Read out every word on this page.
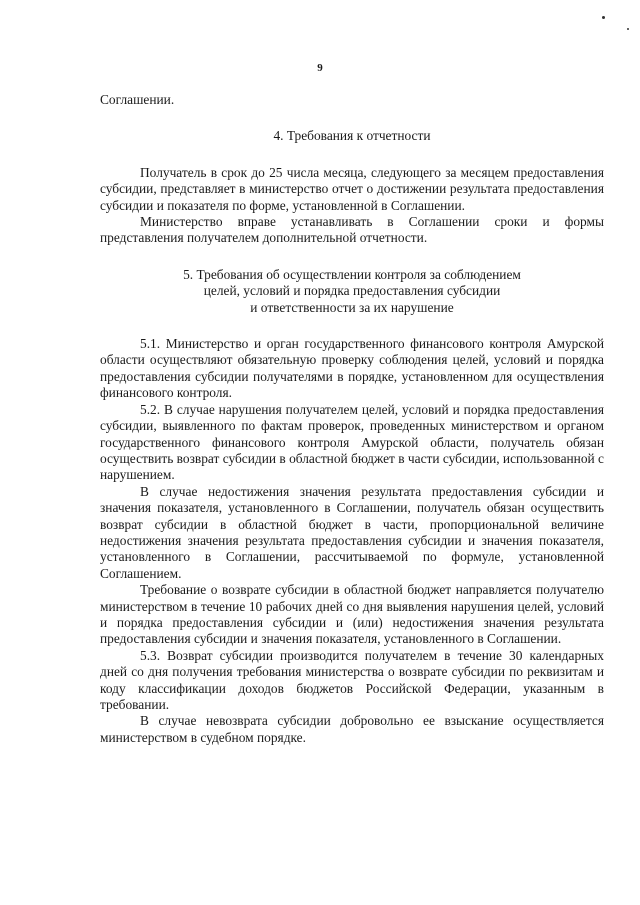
9

Соглашении.

4. Требования к отчетности

Получатель в срок до 25 числа месяца, следующего за месяцем предоставления субсидии, представляет в министерство отчет о достижении результата предоставления субсидии и показателя по форме, установленной в Соглашении.

Министерство вправе устанавливать в Соглашении сроки и формы представления получателем дополнительной отчетности.

5. Требования об осуществлении контроля за соблюдением

целей, условий и порядка предоставления субсидии

и ответственности за их нарушение

5.1. Министерство и орган государственного финансового контроля Амурской области осуществляют обязательную проверку соблюдения целей, условий и порядка предоставления субсидии получателями в порядке, установленном для осуществления финансового контроля.

5.2. В случае нарушения получателем целей, условий и порядка предоставления субсидии, выявленного по фактам проверок, проведенных министерством и органом государственного финансового контроля Амурской области, получатель обязан осуществить возврат субсидии в областной бюджет в части субсидии, использованной с нарушением.

В случае недостижения значения результата предоставления субсидии и значения показателя, установленного в Соглашении, получатель обязан осуществить возврат субсидии в областной бюджет в части, пропорциональной величине недостижения значения результата предоставления субсидии и значения показателя, установленного в Соглашении, рассчитываемой по формуле, установленной Соглашением.

Требование о возврате субсидии в областной бюджет направляется получателю министерством в течение 10 рабочих дней со дня выявления нарушения целей, условий и порядка предоставления субсидии и (или) недостижения значения результата предоставления субсидии и значения показателя, установленного в Соглашении.

5.3. Возврат субсидии производится получателем в течение 30 календарных дней со дня получения требования министерства о возврате субсидии по реквизитам и коду классификации доходов бюджетов Российской Федерации, указанным в требовании.

В случае невозврата субсидии добровольно ее взыскание осуществляется министерством в судебном порядке.
